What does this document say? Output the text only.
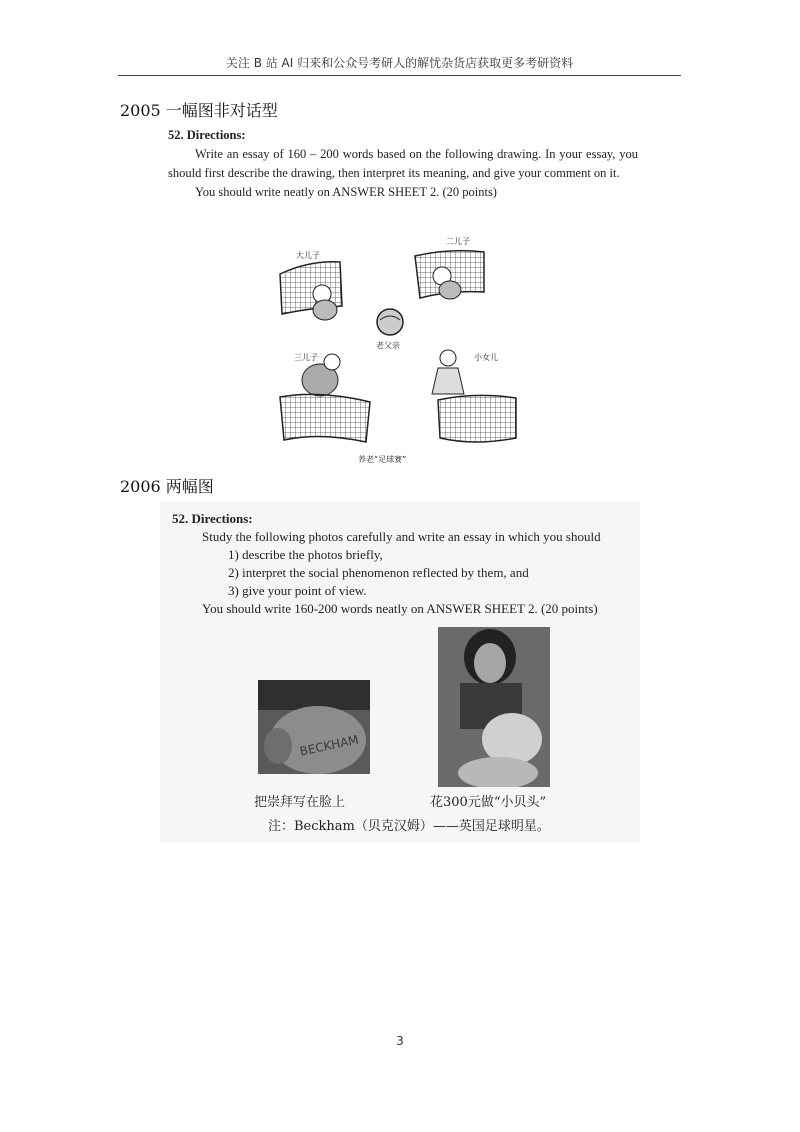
关注 B 站 AI 归来和公众号考研人的解忧杂货店获取更多考研资料
2005 一幅图非对话型
52. Directions:

Write an essay of 160 – 200 words based on the following drawing. In your essay, you should first describe the drawing, then interpret its meaning, and give your comment on it.

You should write neatly on ANSWER SHEET 2. (20 points)

大儿子
二儿子
老父亲
三儿子	小女儿
养老“足球赛”
2006 两幅图
52. Directions:
Study the following photos carefully and write an essay in which you should
1) describe the photos briefly,
2) interpret the social phenomenon reflected by them, and
3) give your point of view.
You should write 160-200 words neatly on ANSWER SHEET 2. (20 points)
BECKHAM
把崇拜写在脸上	花300元做“小贝头”
注：Beckham（贝克汉姆）——英国足球明星。
3
